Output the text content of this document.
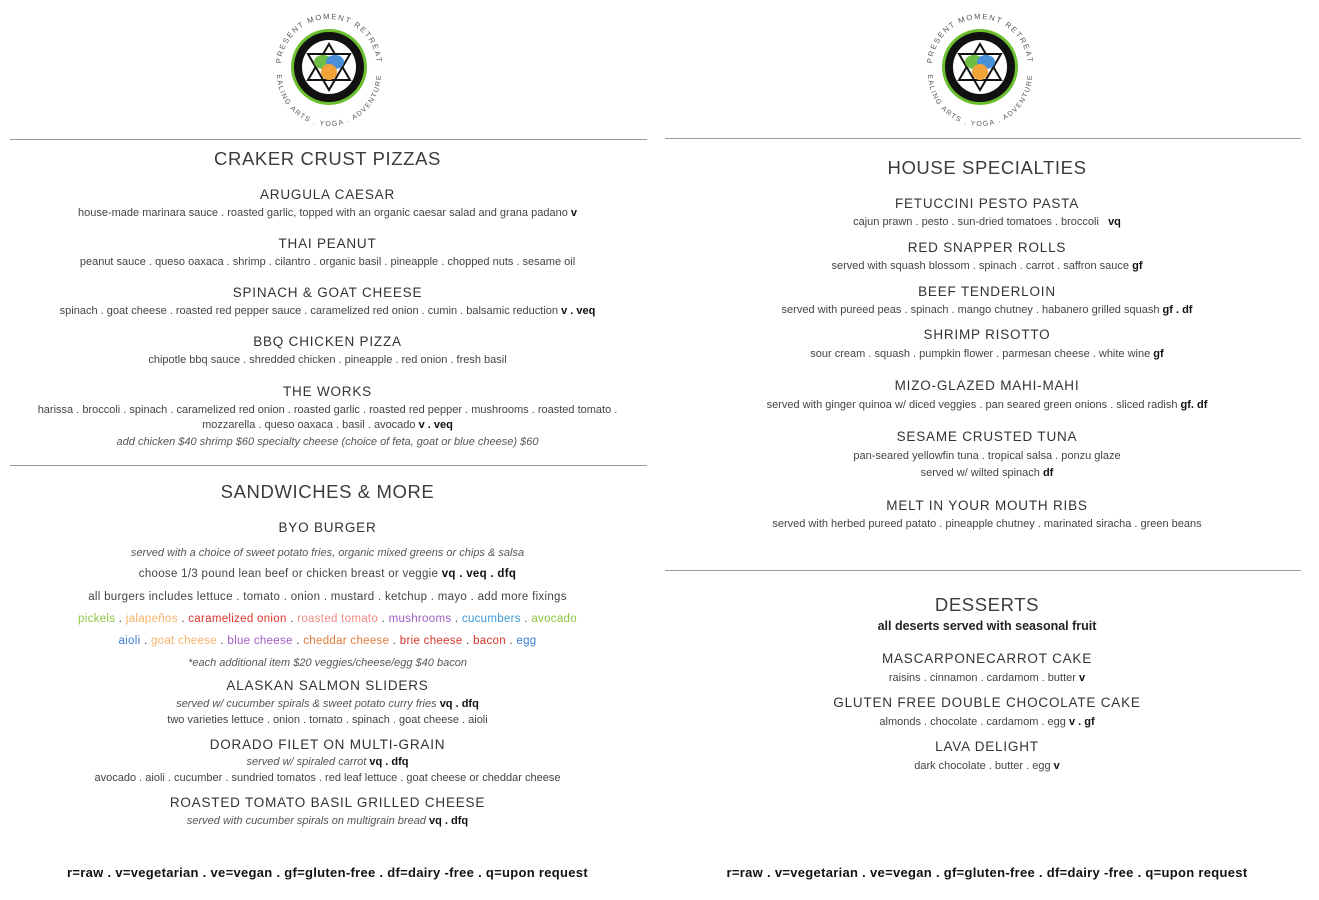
PRESENT MOMENT RETREAT
EALING ARTS . YOGA . ADVENTURE
CRAKER CRUST PIZZAS
ARUGULA CAESAR
house-made marinara sauce . roasted garlic, topped with an organic caesar salad and grana padano v
THAI PEANUT
peanut sauce . queso oaxaca . shrimp . cilantro . organic basil . pineapple . chopped nuts . sesame oil
SPINACH & GOAT CHEESE
spinach . goat cheese . roasted red pepper sauce . caramelized red onion . cumin . balsamic reduction v . veq
BBQ CHICKEN PIZZA
chipotle bbq sauce . shredded chicken . pineapple . red onion . fresh basil
THE WORKS
harissa . broccoli . spinach . caramelized red onion . roasted garlic . roasted red pepper . mushrooms . roasted tomato .
mozzarella . queso oaxaca . basil . avocado v . veq
add chicken $40 shrimp $60 specialty cheese (choice of feta, goat or blue cheese) $60
SANDWICHES & MORE
BYO BURGER
served with a choice of sweet potato fries, organic mixed greens or chips & salsa
choose 1/3 pound lean beef or chicken breast or veggie vq . veq . dfq
all burgers includes lettuce . tomato . onion . mustard . ketchup . mayo . add more fixings
pickels . jalapeños . caramelized onion . roasted tomato . mushrooms . cucumbers . avocado
aioli . goat cheese . blue cheese . cheddar cheese . brie cheese . bacon . egg
*each additional item $20 veggies/cheese/egg $40 bacon
ALASKAN SALMON SLIDERS
served w/ cucumber spirals & sweet potato curry fries vq . dfq
two varieties lettuce . onion . tomato . spinach . goat cheese . aioli
DORADO FILET ON MULTI-GRAIN
served w/ spiraled carrot vq . dfq
avocado . aioli . cucumber . sundried tomatos . red leaf lettuce . goat cheese or cheddar cheese
ROASTED TOMATO BASIL GRILLED CHEESE
served with cucumber spirals on multigrain bread vq . dfq
r=raw . v=vegetarian . ve=vegan . gf=gluten-free . df=dairy -free . q=upon request
PRESENT MOMENT RETREAT
EALING ARTS . YOGA . ADVENTURE
HOUSE SPECIALTIES
FETUCCINI PESTO PASTA
cajun prawn . pesto . sun-dried tomatoes . broccoli vq
RED SNAPPER ROLLS
served with squash blossom . spinach . carrot . saffron sauce gf
BEEF TENDERLOIN
served with pureed peas . spinach . mango chutney . habanero grilled squash gf . df
SHRIMP RISOTTO
sour cream . squash . pumpkin flower . parmesan cheese . white wine gf
MIZO-GLAZED MAHI-MAHI
served with ginger quinoa w/ diced veggies . pan seared green onions . sliced radish gf. df
SESAME CRUSTED TUNA
pan-seared yellowfin tuna . tropical salsa . ponzu glaze
served w/ wilted spinach df
MELT IN YOUR MOUTH RIBS
served with herbed pureed patato . pineapple chutney . marinated siracha . green beans
DESSERTS
all deserts served with seasonal fruit
MASCARPONECARROT CAKE
raisins . cinnamon . cardamom . butter v
GLUTEN FREE DOUBLE CHOCOLATE CAKE
almonds . chocolate . cardamom . egg v . gf
LAVA DELIGHT
dark chocolate . butter . egg v
r=raw . v=vegetarian . ve=vegan . gf=gluten-free . df=dairy -free . q=upon request
